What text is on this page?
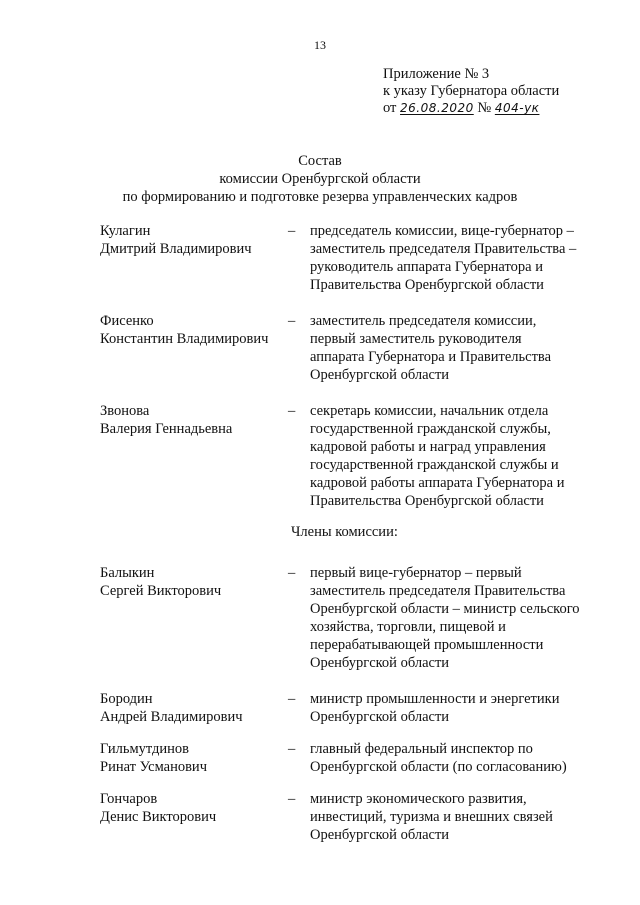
13
Приложение № 3
к указу Губернатора области
от 26.08.2020 № 404-ук
Состав
комиссии Оренбургской области
по формированию и подготовке резерва управленческих кадров
Кулагин
Дмитрий Владимирович
–	председатель комиссии, вице-губернатор –
заместитель председателя Правительства –
руководитель аппарата Губернатора и
Правительства Оренбургской области
Фисенко
Константин Владимирович
–	заместитель председателя комиссии,
первый заместитель руководителя
аппарата Губернатора и Правительства
Оренбургской области
Звонова
Валерия Геннадьевна
–	секретарь комиссии, начальник отдела
государственной гражданской службы,
кадровой работы и наград управления
государственной гражданской службы и
кадровой работы аппарата Губернатора и
Правительства Оренбургской области
Члены комиссии:
Балыкин
Сергей Викторович
–	первый вице-губернатор – первый
заместитель председателя Правительства
Оренбургской области – министр сельского
хозяйства, торговли, пищевой и
перерабатывающей промышленности
Оренбургской области
Бородин
Андрей Владимирович
–	министр промышленности и энергетики
Оренбургской области
Гильмутдинов
Ринат Усманович
–	главный федеральный инспектор по
Оренбургской области (по согласованию)
Гончаров
Денис Викторович
–	министр экономического развития,
инвестиций, туризма и внешних связей
Оренбургской области
